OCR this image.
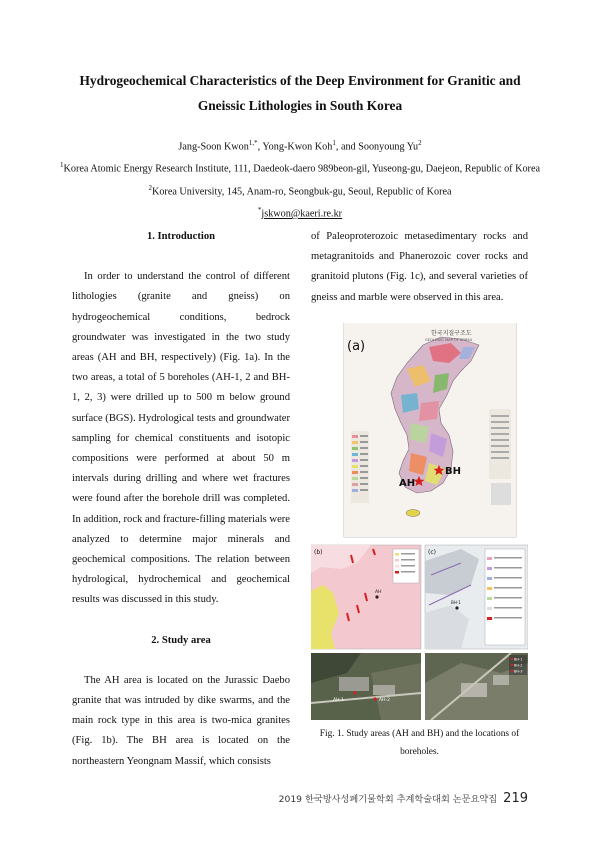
Hydrogeochemical Characteristics of the Deep Environment for Granitic and
Gneissic Lithologies in South Korea
Jang-Soon Kwon$^{1,*}$, Yong-Kwon Koh$^1$, and Soonyoung Yu$^2$
$^1$Korea Atomic Energy Research Institute, 111, Daedeok-daero 989beon-gil, Yuseong-gu, Daejeon, Republic of Korea
$^2$Korea University, 145, Anam-ro, Seongbuk-gu, Seoul, Republic of Korea
*jskwon@kaeri.re.kr

1. Introduction

In order to understand the control of different lithologies (granite and gneiss) on hydrogeochemical conditions, bedrock groundwater was investigated in the two study areas (AH and BH, respectively) (Fig. 1a). In the two areas, a total of 5 boreholes (AH-1, 2 and BH-1, 2, 3) were drilled up to 500 m below ground surface (BGS). Hydrological tests and groundwater sampling for chemical constituents and isotopic compositions were performed at about 50 m intervals during drilling and where wet fractures were found after the borehole drill was completed. In addition, rock and fracture-filling materials were analyzed to determine major minerals and geochemical compositions. The relation between hydrological, hydrochemical and geochemical results was discussed in this study.

2. Study area

The AH area is located on the Jurassic Daebo granite that was intruded by dike swarms, and the main rock type in this area is two-mica granites (Fig. 1b). The BH area is located on the northeastern Yeongnam Massif, which consists

of Paleoproterozoic metasedimentary rocks and metagranitoids and Phanerozoic cover rocks and granitoid plutons (Fig. 1c), and several varieties of gneiss and marble were observed in this area.

한국지질구조도
GEOLOGIC MAP OF KOREA
(a)
AH
BH
(b)
AH
(c)
BH-1
AH-1	AH-2
BH-1
BH-2
BH-3
Fig. 1. Study areas (AH and BH) and the locations of boreholes.
2019 한국방사성폐기물학회 추계학술대회 논문요약집 219
